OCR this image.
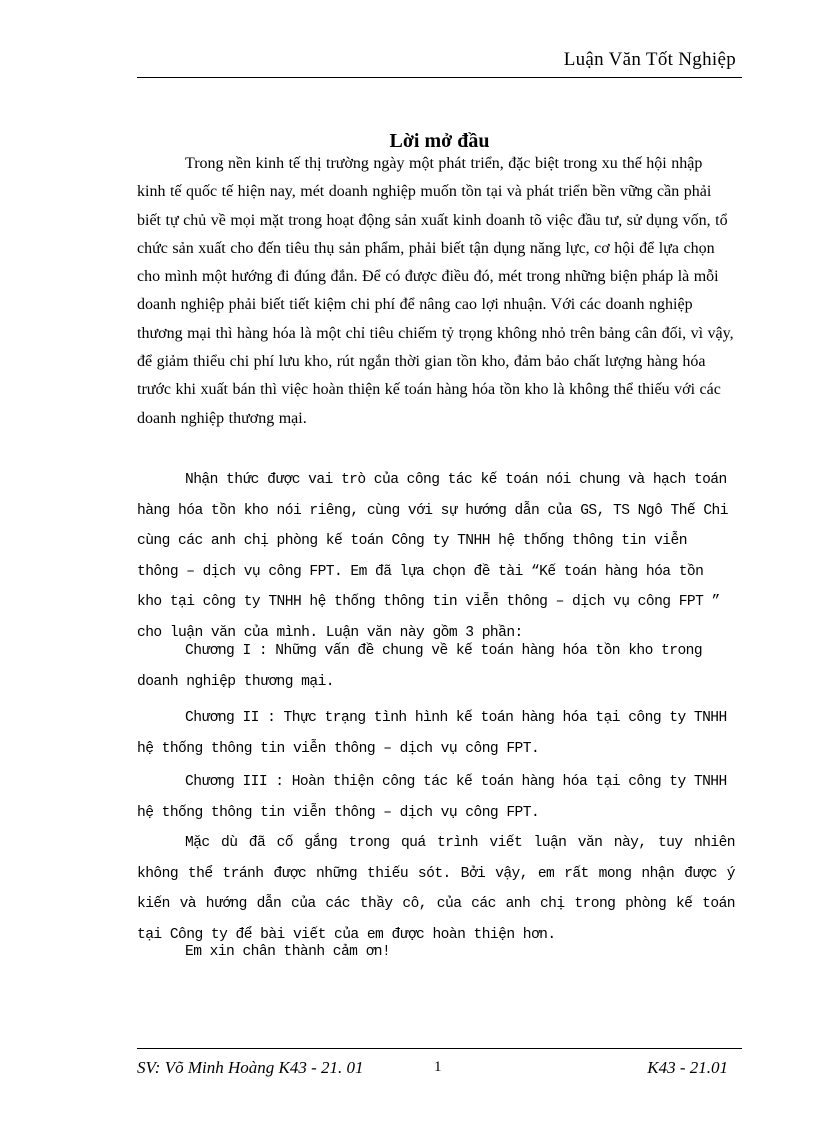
Luận Văn Tốt Nghiệp
Lời mở đầu

Trong nền kinh tế thị trường ngày một phát triển, đặc biệt trong xu thế hội nhập kinh tế quốc tế hiện nay, mét doanh nghiệp muốn tồn tại và phát triển bền vững cần phải biết tự chủ về mọi mặt trong hoạt động sản xuất kinh doanh tõ việc đầu tư, sử dụng vốn, tổ chức sản xuất cho đến tiêu thụ sản phẩm, phải biết tận dụng năng lực, cơ hội để lựa chọn cho mình một hướng đi đúng đắn. Để có được điều đó, mét trong những biện pháp là mỗi doanh nghiệp phải biết tiết kiệm chi phí để nâng cao lợi nhuận. Với các doanh nghiệp thương mại thì hàng hóa là một chỉ tiêu chiếm tỷ trọng không nhỏ trên bảng cân đối, vì vậy, để giảm thiểu chi phí lưu kho, rút ngắn thời gian tồn kho, đảm bảo chất lượng hàng hóa trước khi xuất bán thì việc hoàn thiện kế toán hàng hóa tồn kho là không thể thiếu với các doanh nghiệp thương mại.

Nhận thức được vai trò của công tác kế toán nói chung và hạch toán hàng hóa tồn kho nói riêng, cùng với sự hướng dẫn của GS, TS Ngô Thế Chi cùng các anh chị phòng kế toán Công ty TNHH hệ thống thông tin viễn thông – dịch vụ công FPT. Em đã lựa chọn đề tài “Kế toán hàng hóa tồn kho tại công ty TNHH hệ thống thông tin viễn thông – dịch vụ công FPT ” cho luận văn của mình. Luận văn này gồm 3 phần:

Chương I : Những vấn đề chung về kế toán hàng hóa tồn kho trong doanh nghiệp thương mại.

Chương II : Thực trạng tình hình kế toán hàng hóa tại công ty TNHH hệ thống thông tin viễn thông – dịch vụ công FPT.

Chương III : Hoàn thiện công tác kế toán hàng hóa tại công ty TNHH hệ thống thông tin viễn thông – dịch vụ công FPT.

Mặc dù đã cố gắng trong quá trình viết luận văn này, tuy nhiên không thể tránh được những thiếu sót. Bởi vậy, em rất mong nhận được ý kiến và hướng dẫn của các thầy cô, của các anh chị trong phòng kế toán tại Công ty để bài viết của em được hoàn thiện hơn.

Em xin chân thành cảm ơn!

SV: Võ Minh Hoàng K43 - 21. 01	1	K43 - 21.01
